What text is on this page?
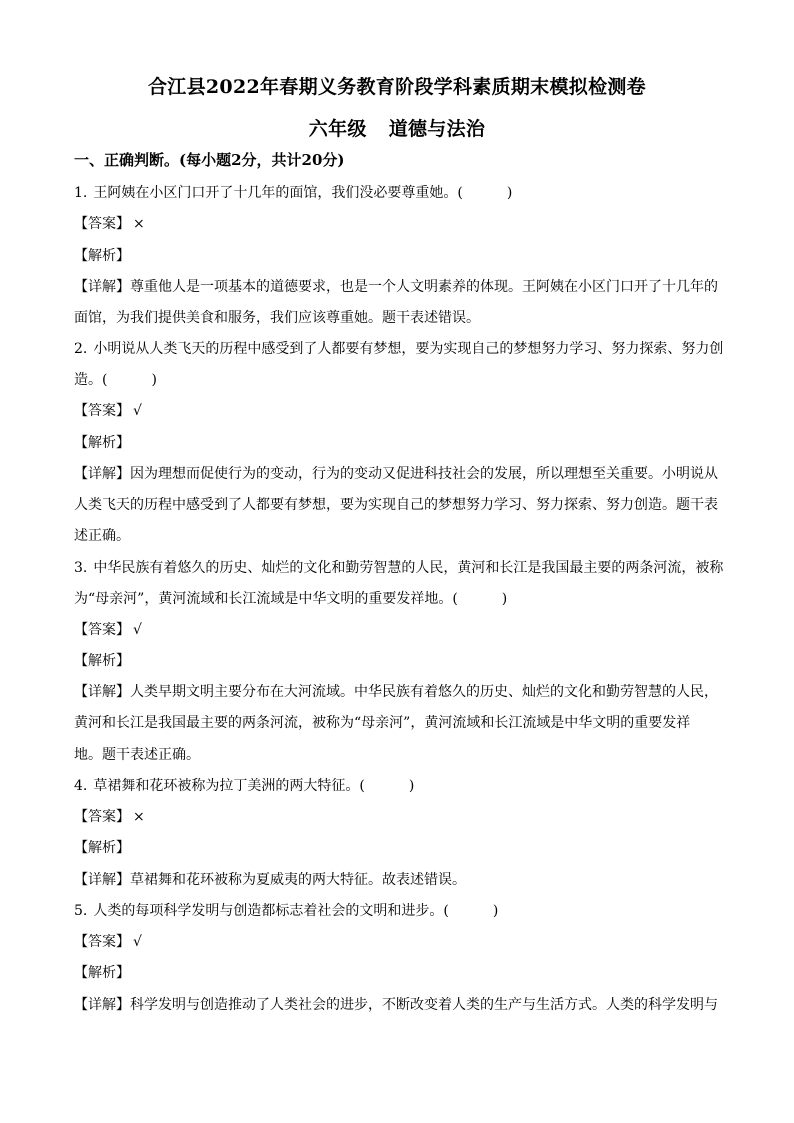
合江县2022年春期义务教育阶段学科素质期末模拟检测卷
六年级 道德与法治
一、正确判断。(每小题2分，共计20分)
1. 王阿姨在小区门口开了十几年的面馆，我们没必要尊重她。(	)
【答案】 ×
【解析】
【详解】尊重他人是一项基本的道德要求，也是一个人文明素养的体现。王阿姨在小区门口开了十几年的
面馆，为我们提供美食和服务，我们应该尊重她。题干表述错误。
2. 小明说从人类飞天的历程中感受到了人都要有梦想，要为实现自己的梦想努力学习、努力探索、努力创
造。(	)
【答案】 √
【解析】
【详解】因为理想而促使行为的变动，行为的变动又促进科技社会的发展，所以理想至关重要。小明说从
人类飞天的历程中感受到了人都要有梦想，要为实现自己的梦想努力学习、努力探索、努力创造。题干表
述正确。
3. 中华民族有着悠久的历史、灿烂的文化和勤劳智慧的人民，黄河和长江是我国最主要的两条河流，被称
为“母亲河”，黄河流域和长江流域是中华文明的重要发祥地。(	)
【答案】 √
【解析】
【详解】人类早期文明主要分布在大河流域。中华民族有着悠久的历史、灿烂的文化和勤劳智慧的人民，
黄河和长江是我国最主要的两条河流，被称为“母亲河”，黄河流域和长江流域是中华文明的重要发祥
地。题干表述正确。
4. 草裙舞和花环被称为拉丁美洲的两大特征。(	)
【答案】 ×
【解析】
【详解】草裙舞和花环被称为夏威夷的两大特征。故表述错误。
5. 人类的每项科学发明与创造都标志着社会的文明和进步。(	)
【答案】 √
【解析】
【详解】科学发明与创造推动了人类社会的进步，不断改变着人类的生产与生活方式。人类的科学发明与
